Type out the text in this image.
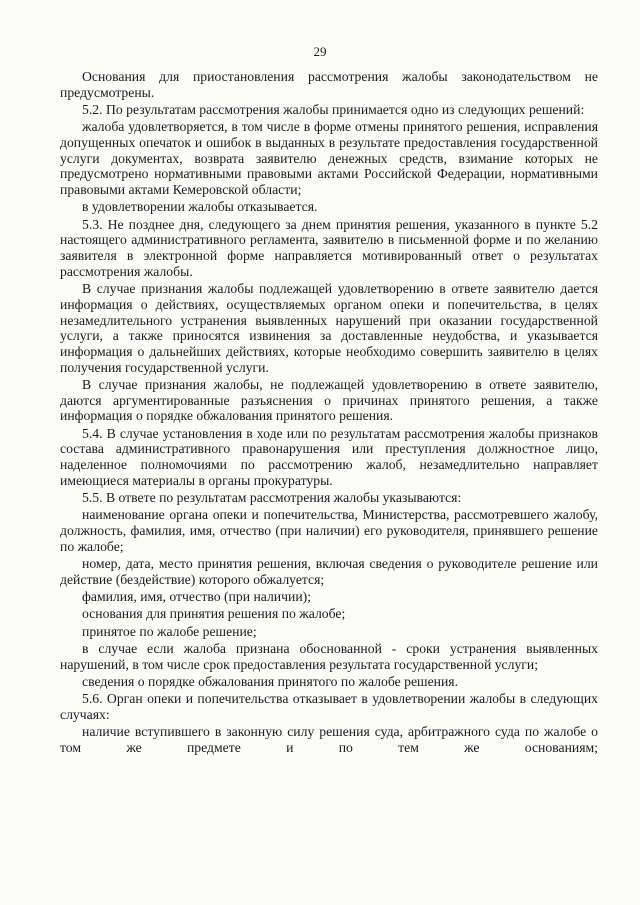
29

Основания для приостановления рассмотрения жалобы законодательством не предусмотрены.

5.2. По результатам рассмотрения жалобы принимается одно из следующих решений:

жалоба удовлетворяется, в том числе в форме отмены принятого решения, исправления допущенных опечаток и ошибок в выданных в результате предоставления государственной услуги документах, возврата заявителю денежных средств, взимание которых не предусмотрено нормативными правовыми актами Российской Федерации, нормативными правовыми актами Кемеровской области;

в удовлетворении жалобы отказывается.

5.3. Не позднее дня, следующего за днем принятия решения, указанного в пункте 5.2 настоящего административного регламента, заявителю в письменной форме и по желанию заявителя в электронной форме направляется мотивированный ответ о результатах рассмотрения жалобы.

В случае признания жалобы подлежащей удовлетворению в ответе заявителю дается информация о действиях, осуществляемых органом опеки и попечительства, в целях незамедлительного устранения выявленных нарушений при оказании государственной услуги, а также приносятся извинения за доставленные неудобства, и указывается информация о дальнейших действиях, которые необходимо совершить заявителю в целях получения государственной услуги.

В случае признания жалобы, не подлежащей удовлетворению в ответе заявителю, даются аргументированные разъяснения о причинах принятого решения, а также информация о порядке обжалования принятого решения.

5.4. В случае установления в ходе или по результатам рассмотрения жалобы признаков состава административного правонарушения или преступления должностное лицо, наделенное полномочиями по рассмотрению жалоб, незамедлительно направляет имеющиеся материалы в органы прокуратуры.

5.5. В ответе по результатам рассмотрения жалобы указываются:

наименование органа опеки и попечительства, Министерства, рассмотревшего жалобу, должность, фамилия, имя, отчество (при наличии) его руководителя, принявшего решение по жалобе;

номер, дата, место принятия решения, включая сведения о руководителе решение или действие (бездействие) которого обжалуется;

фамилия, имя, отчество (при наличии);

основания для принятия решения по жалобе;

принятое по жалобе решение;

в случае если жалоба признана обоснованной - сроки устранения выявленных нарушений, в том числе срок предоставления результата государственной услуги;

сведения о порядке обжалования принятого по жалобе решения.

5.6. Орган опеки и попечительства отказывает в удовлетворении жалобы в следующих случаях:

наличие вступившего в законную силу решения суда, арбитражного суда по жалобе о том же предмете и по тем же основаниям;
